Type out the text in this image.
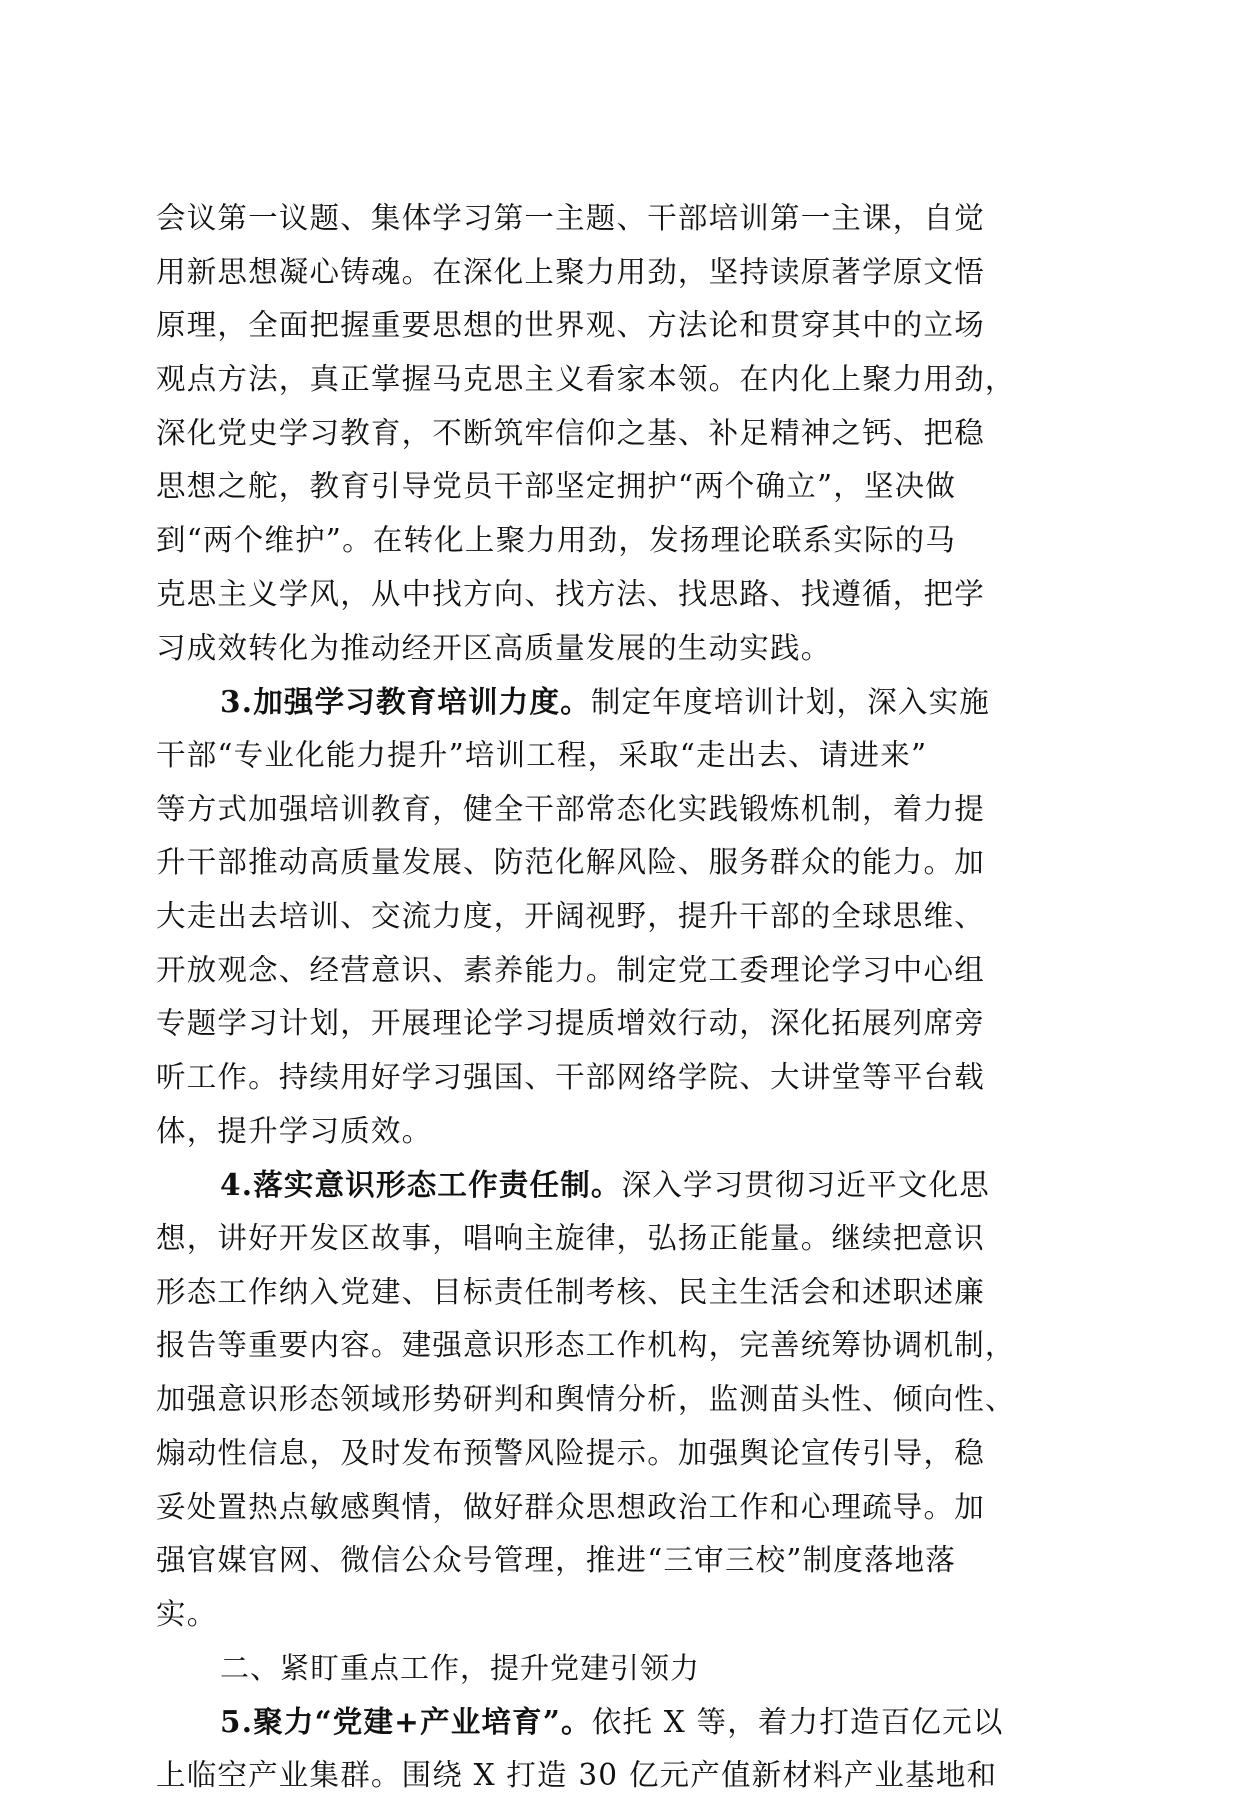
会议第一议题、集体学习第一主题、干部培训第一主课，自觉
用新思想凝心铸魂。在深化上聚力用劲，坚持读原著学原文悟
原理，全面把握重要思想的世界观、方法论和贯穿其中的立场
观点方法，真正掌握马克思主义看家本领。在内化上聚力用劲，
深化党史学习教育，不断筑牢信仰之基、补足精神之钙、把稳
思想之舵，教育引导党员干部坚定拥护“两个确立”，坚决做
到“两个维护”。在转化上聚力用劲，发扬理论联系实际的马
克思主义学风，从中找方向、找方法、找思路、找遵循，把学
习成效转化为推动经开区高质量发展的生动实践。
3.加强学习教育培训力度。制定年度培训计划，深入实施
干部“专业化能力提升”培训工程，采取“走出去、请进来”
等方式加强培训教育，健全干部常态化实践锻炼机制，着力提
升干部推动高质量发展、防范化解风险、服务群众的能力。加
大走出去培训、交流力度，开阔视野，提升干部的全球思维、
开放观念、经营意识、素养能力。制定党工委理论学习中心组
专题学习计划，开展理论学习提质增效行动，深化拓展列席旁
听工作。持续用好学习强国、干部网络学院、大讲堂等平台载
体，提升学习质效。
4.落实意识形态工作责任制。深入学习贯彻习近平文化思
想，讲好开发区故事，唱响主旋律，弘扬正能量。继续把意识
形态工作纳入党建、目标责任制考核、民主生活会和述职述廉
报告等重要内容。建强意识形态工作机构，完善统筹协调机制，
加强意识形态领域形势研判和舆情分析，监测苗头性、倾向性、
煽动性信息，及时发布预警风险提示。加强舆论宣传引导，稳
妥处置热点敏感舆情，做好群众思想政治工作和心理疏导。加
强官媒官网、微信公众号管理，推进“三审三校”制度落地落
实。
二、紧盯重点工作，提升党建引领力
5.聚力“党建+产业培育”。依托 X 等，着力打造百亿元以
上临空产业集群。围绕 X 打造 30 亿元产值新材料产业基地和
